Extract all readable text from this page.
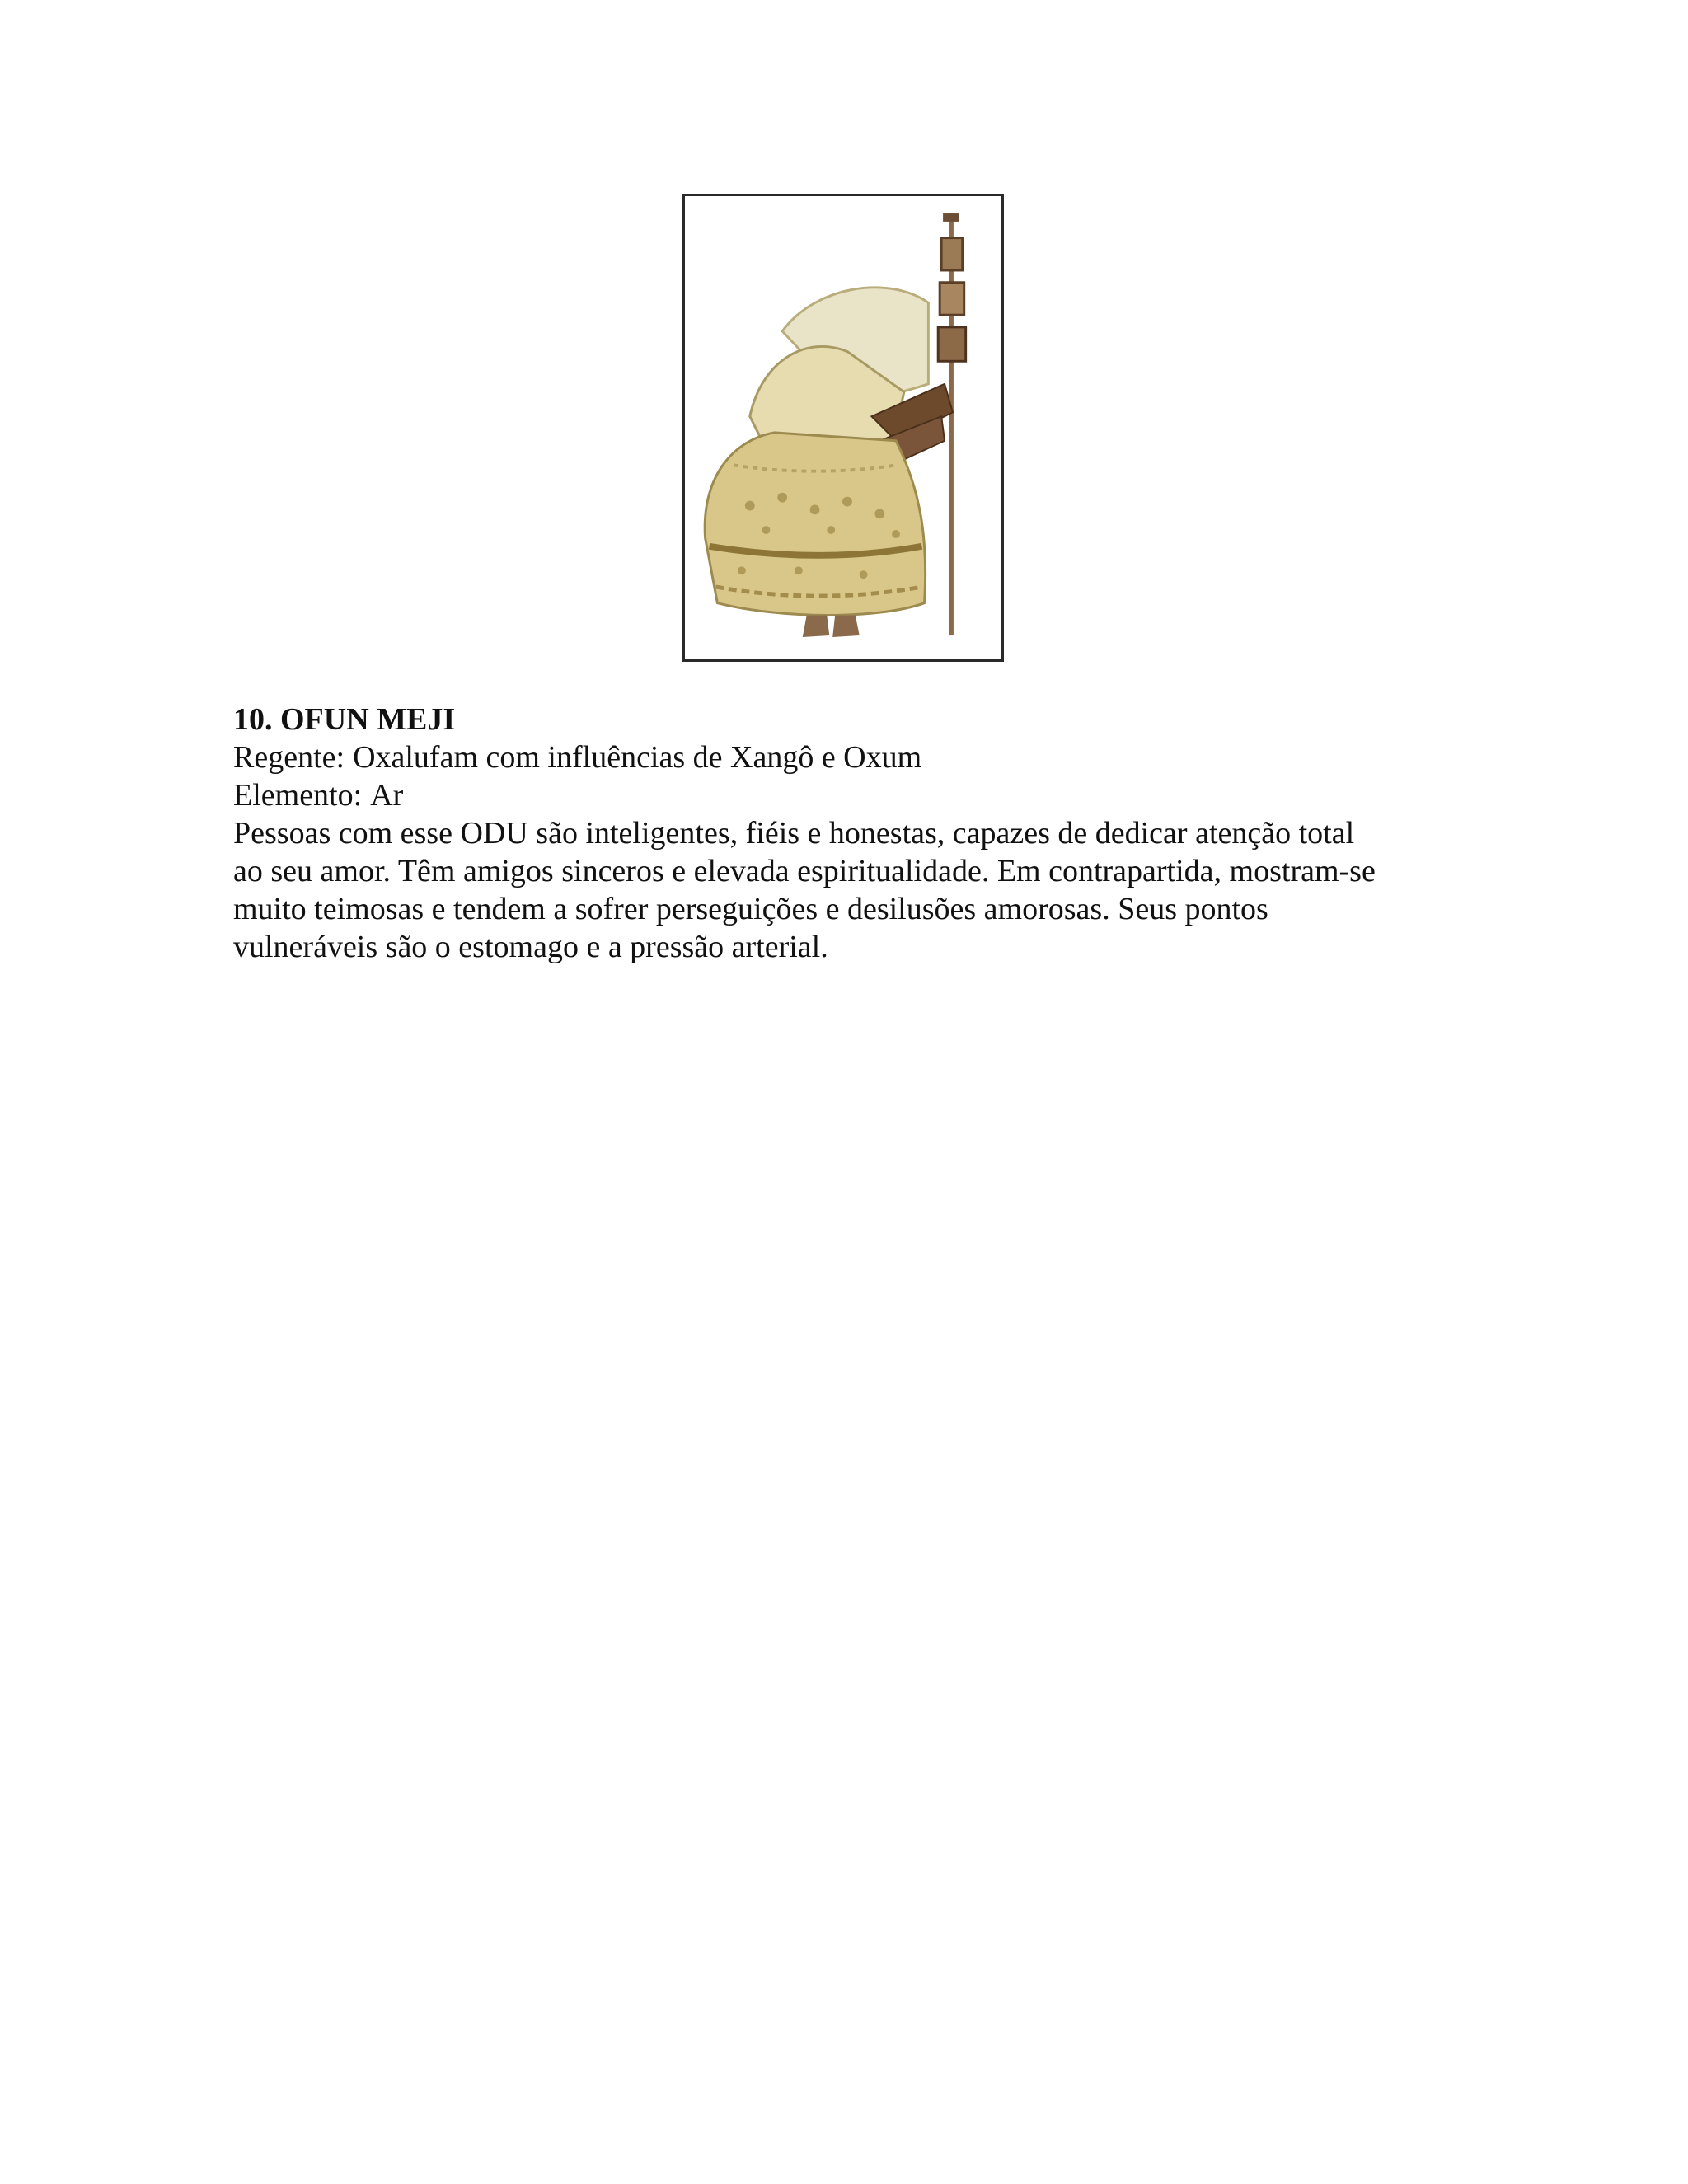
10. OFUN MEJI

Regente: Oxalufam com influências de Xangô e Oxum

Elemento: Ar

Pessoas com esse ODU são inteligentes, fiéis e honestas, capazes de dedicar atenção total

ao seu amor. Têm amigos sinceros e elevada espiritualidade. Em contrapartida, mostram-se

muito teimosas e tendem a sofrer perseguições e desilusões amorosas. Seus pontos

vulneráveis são o estomago e a pressão arterial.
